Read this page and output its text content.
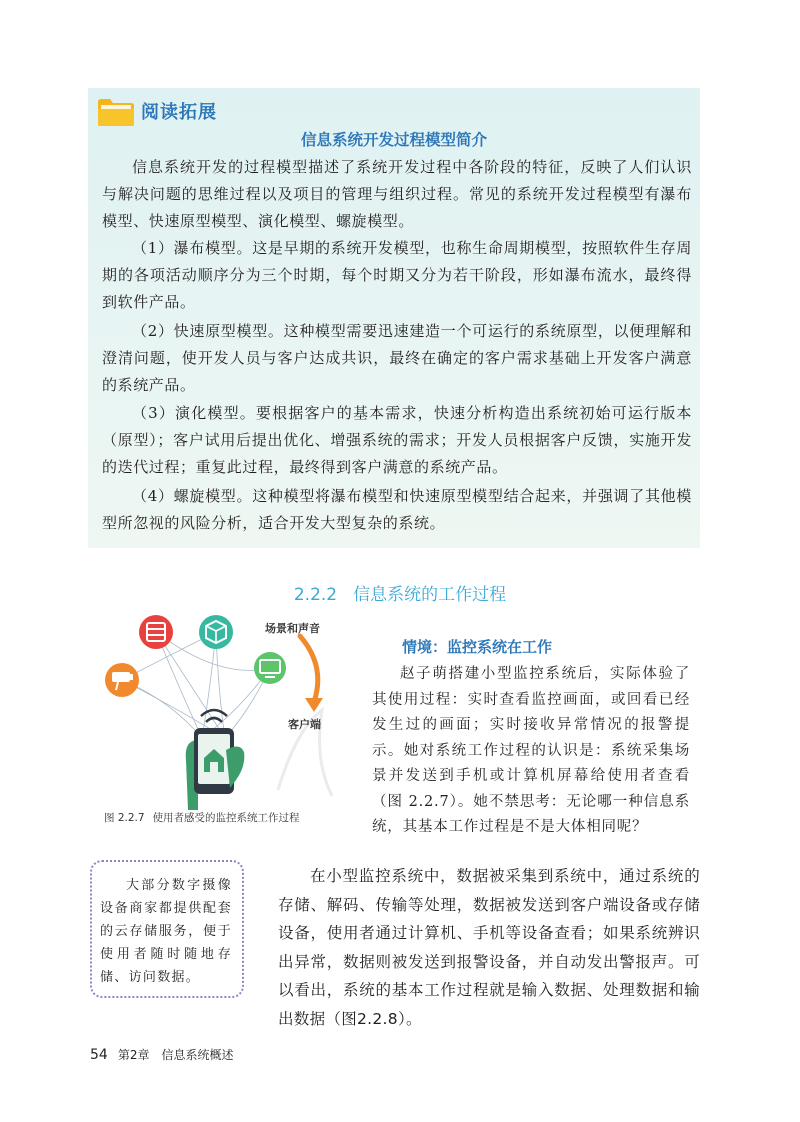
阅读拓展
信息系统开发过程模型简介

信息系统开发的过程模型描述了系统开发过程中各阶段的特征，反映了人们认识与解决问题的思维过程以及项目的管理与组织过程。常见的系统开发过程模型有瀑布模型、快速原型模型、演化模型、螺旋模型。

（1）瀑布模型。这是早期的系统开发模型，也称生命周期模型，按照软件生存周期的各项活动顺序分为三个时期，每个时期又分为若干阶段，形如瀑布流水，最终得到软件产品。

（2）快速原型模型。这种模型需要迅速建造一个可运行的系统原型，以便理解和澄清问题，使开发人员与客户达成共识，最终在确定的客户需求基础上开发客户满意的系统产品。

（3）演化模型。要根据客户的基本需求，快速分析构造出系统初始可运行版本（原型）；客户试用后提出优化、增强系统的需求；开发人员根据客户反馈，实施开发的迭代过程；重复此过程，最终得到客户满意的系统产品。

（4）螺旋模型。这种模型将瀑布模型和快速原型模型结合起来，并强调了其他模型所忽视的风险分析，适合开发大型复杂的系统。

2.2.2 信息系统的工作过程
场景和声音
客户端
图 2.2.7 使用者感受的监控系统工作过程
情境：监控系统在工作

赵子萌搭建小型监控系统后，实际体验了其使用过程：实时查看监控画面，或回看已经发生过的画面；实时接收异常情况的报警提示。她对系统工作过程的认识是：系统采集场景并发送到手机或计算机屏幕给使用者查看（图 2.2.7）。她不禁思考：无论哪一种信息系统，其基本工作过程是不是大体相同呢？

大部分数字摄像设备商家都提供配套的云存储服务，便于使用者随时随地存储、访问数据。

在小型监控系统中，数据被采集到系统中，通过系统的存储、解码、传输等处理，数据被发送到客户端设备或存储设备，使用者通过计算机、手机等设备查看；如果系统辨识出异常，数据则被发送到报警设备，并自动发出警报声。可以看出，系统的基本工作过程就是输入数据、处理数据和输出数据（图2.2.8）。

54 第2章 信息系统概述
